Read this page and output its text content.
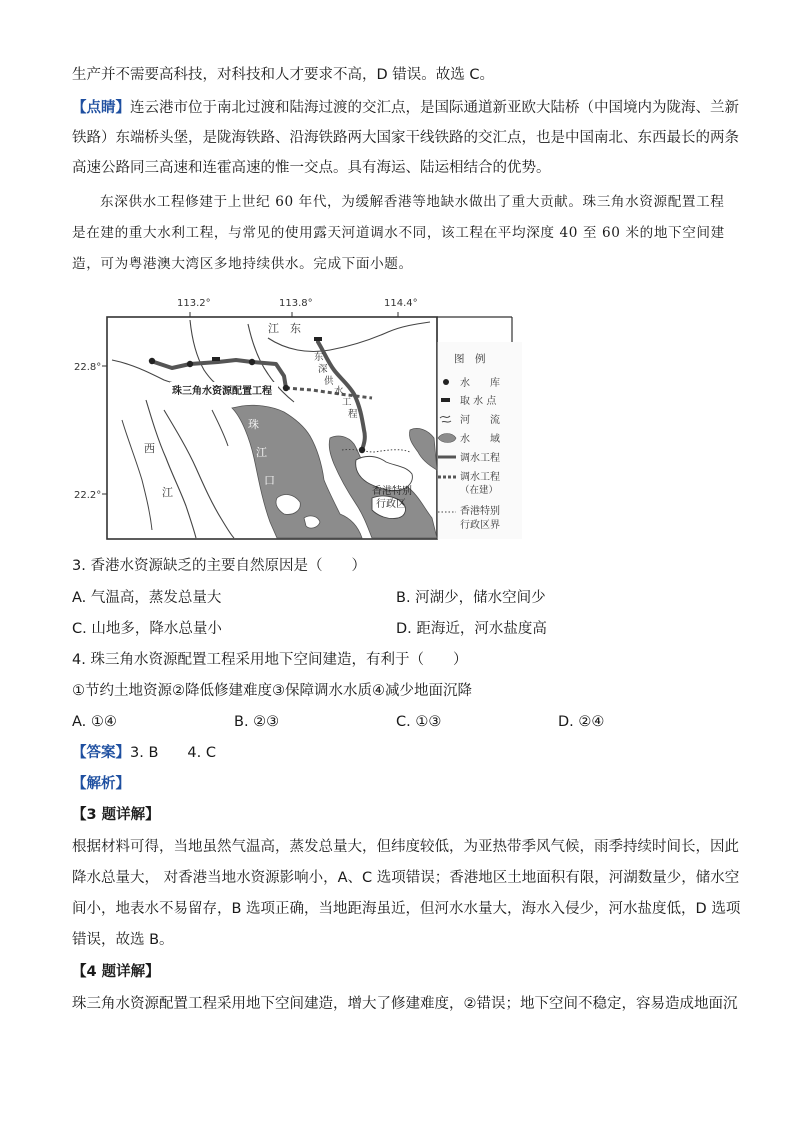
生产并不需要高科技，对科技和人才要求不高，D 错误。故选 C。
【点睛】连云港市位于南北过渡和陆海过渡的交汇点，是国际通道新亚欧大陆桥（中国境内为陇海、兰新
铁路）东端桥头堡，是陇海铁路、沿海铁路两大国家干线铁路的交汇点，也是中国南北、东西最长的两条
高速公路同三高速和连霍高速的惟一交点。具有海运、陆运相结合的优势。
东深供水工程修建于上世纪 60 年代，为缓解香港等地缺水做出了重大贡献。珠三角水资源配置工程
是在建的重大水利工程，与常见的使用露天河道调水不同，该工程在平均深度 40 至 60 米的地下空间建
造，可为粤港澳大湾区多地持续供水。完成下面小题。
113.2°	113.8°	114.4°
22.8°
22.2°
江　东
西
江
珠
江
口
珠三角水资源配置工程
东
深
供
水
工
程
香港特别
行政区
图　例
水　　库
取 水 点
河　　流
水　　域
调水工程
调水工程
（在建）
香港特别
行政区界
3. 香港水资源缺乏的主要自然原因是（　　）
A. 气温高，蒸发总量大	B. 河湖少，储水空间少
C. 山地多，降水总量小	D. 距海近，河水盐度高
4. 珠三角水资源配置工程采用地下空间建造，有利于（　　）
①节约土地资源②降低修建难度③保障调水水质④减少地面沉降
A. ①④	B. ②③	C. ①③	D. ②④
【答案】3. B　　4. C
【解析】
【3 题详解】
根据材料可得，当地虽然气温高，蒸发总量大，但纬度较低，为亚热带季风气候，雨季持续时间长，因此
降水总量大， 对香港当地水资源影响小，A、C 选项错误；香港地区土地面积有限，河湖数量少，储水空
间小，地表水不易留存，B 选项正确，当地距海虽近，但河水水量大，海水入侵少，河水盐度低，D 选项
错误，故选 B。
【4 题详解】
珠三角水资源配置工程采用地下空间建造，增大了修建难度，②错误；地下空间不稳定，容易造成地面沉
